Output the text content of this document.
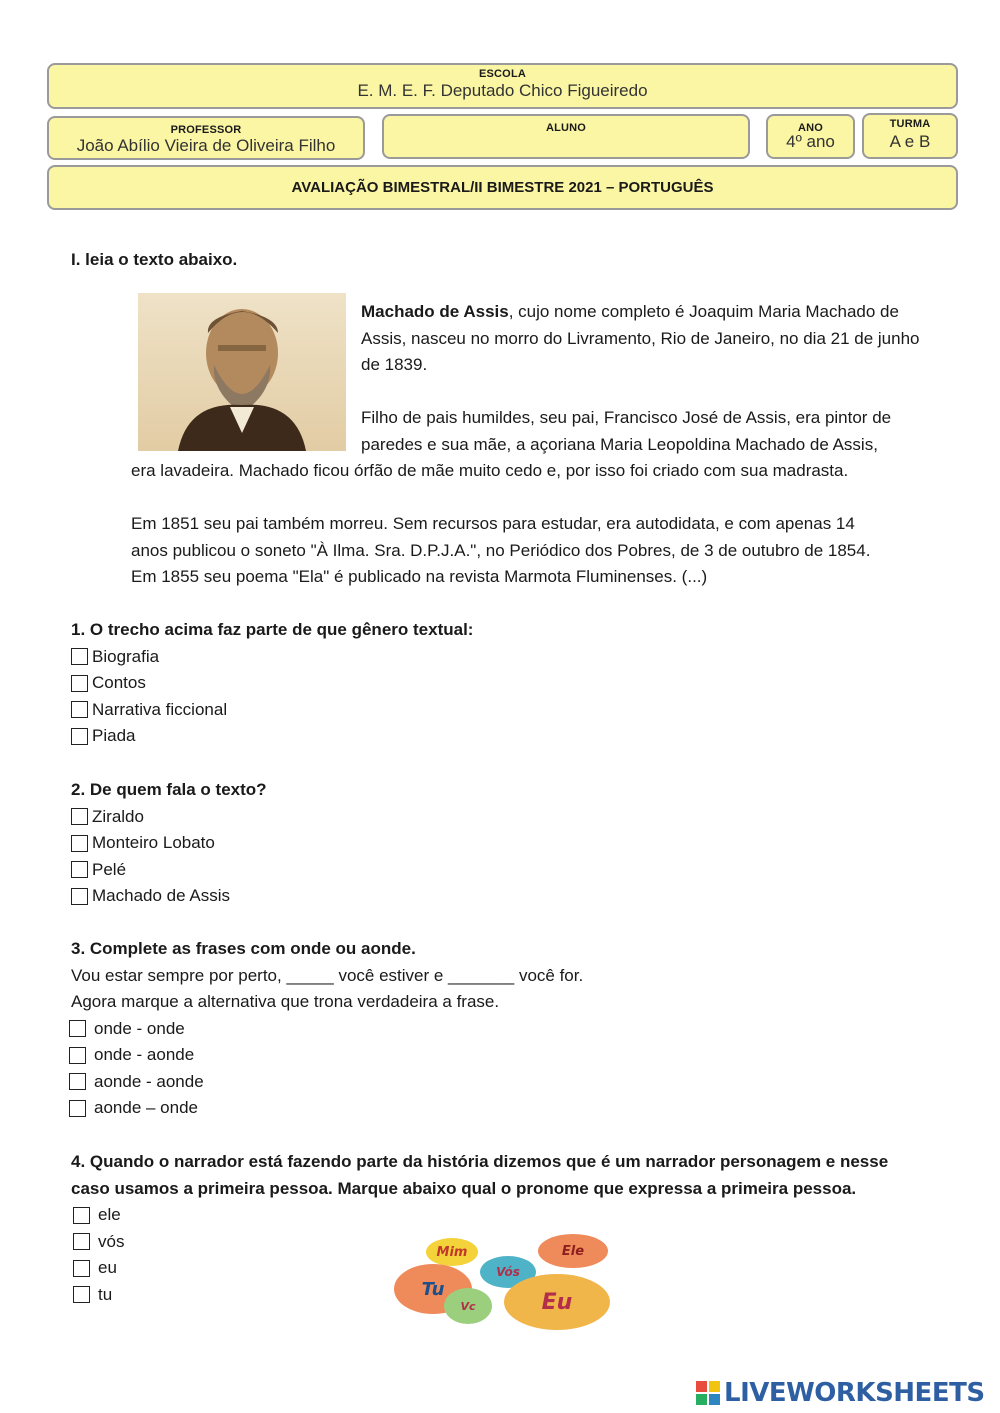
ESCOLA
E. M. E. F. Deputado Chico Figueiredo
PROFESSOR
João Abílio Vieira de Oliveira Filho
ALUNO	ANO
4º ano
TURMA
A e B
AVALIAÇÃO BIMESTRAL/II BIMESTRE 2021 – PORTUGUÊS
I. leia o texto abaixo.
Machado de Assis, cujo nome completo é Joaquim Maria Machado de Assis, nasceu no morro do Livramento, Rio de Janeiro, no dia 21 de junho de 1839.
Filho de pais humildes, seu pai, Francisco José de Assis, era pintor de
paredes e sua mãe, a açoriana Maria Leopoldina Machado de Assis,
era lavadeira. Machado ficou órfão de mãe muito cedo e, por isso foi criado com sua madrasta.
Em 1851 seu pai também morreu. Sem recursos para estudar, era autodidata, e com apenas 14
anos publicou o soneto "À Ilma. Sra. D.P.J.A.", no Periódico dos Pobres, de 3 de outubro de 1854.
Em 1855 seu poema "Ela" é publicado na revista Marmota Fluminenses. (...)
1. O trecho acima faz parte de que gênero textual:
Biografia
Contos
Narrativa ficcional
Piada
2. De quem fala o texto?
Ziraldo
Monteiro Lobato
Pelé
Machado de Assis
3. Complete as frases com onde ou aonde.
Vou estar sempre por perto, _____ você estiver e _______ você for.
Agora marque a alternativa que trona verdadeira a frase.
onde - onde
onde - aonde
aonde - aonde
aonde – onde
4. Quando o narrador está fazendo parte da história dizemos que é um narrador personagem e nesse
caso usamos a primeira pessoa. Marque abaixo qual o pronome que expressa a primeira pessoa.
ele
vós
eu
tu
Mim	Ele
Vós
Tu
Vc	Eu
LIVEWORKSHEETS
